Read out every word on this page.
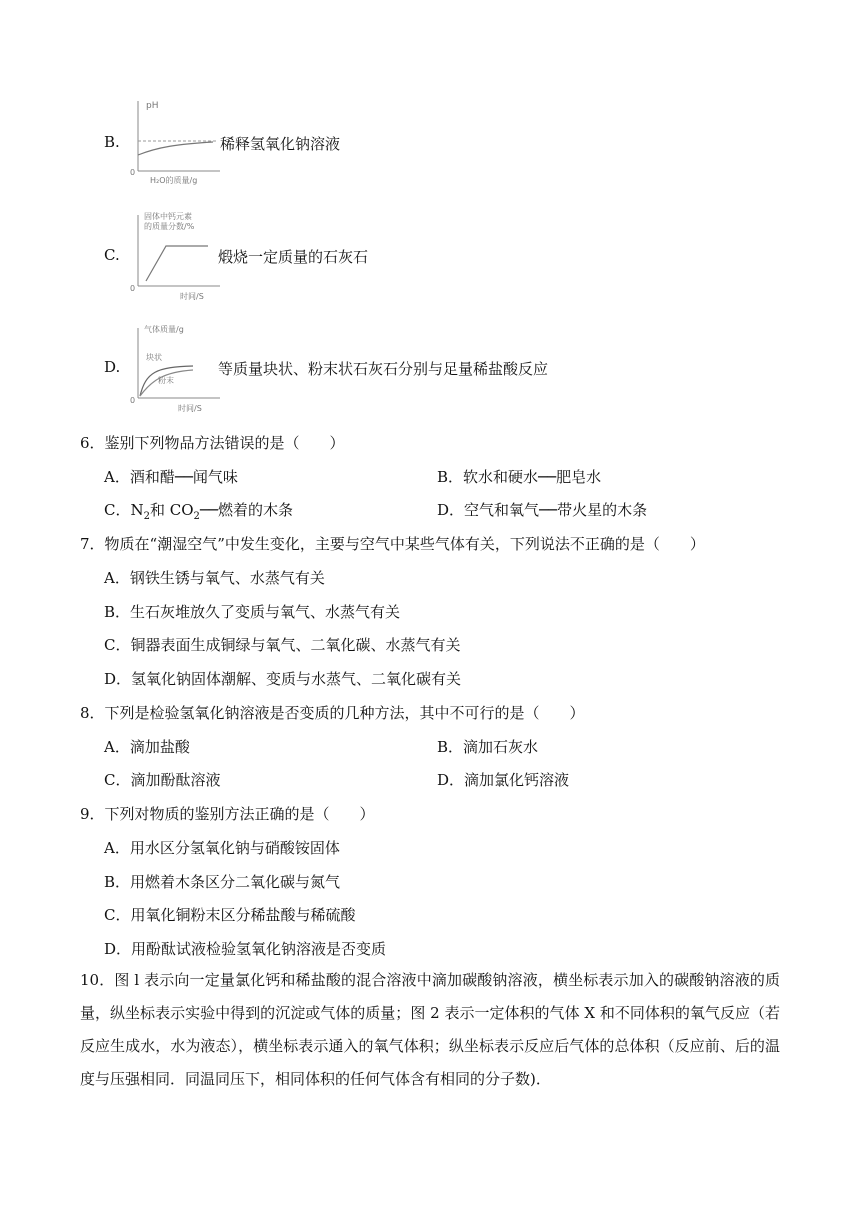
B.
pH
0
H₂O的质量/g
稀释氢氧化钠溶液
C.
固体中钙元素
的质量分数/%
0
时间/S
煅烧一定质量的石灰石
D.
气体质量/g
块状
粉末
0
时间/S
等质量块状、粉末状石灰石分别与足量稀盐酸反应
6．鉴别下列物品方法错误的是（　　）
A．酒和醋──闻气味	B．软水和硬水──肥皂水
C．$N_2$和 $CO_2──$燃着的木条	D．空气和氧气──带火星的木条
7．物质在“潮湿空气”中发生变化，主要与空气中某些气体有关，下列说法不正确的是（　　）
A．钢铁生锈与氧气、水蒸气有关
B．生石灰堆放久了变质与氧气、水蒸气有关
C．铜器表面生成铜绿与氧气、二氧化碳、水蒸气有关
D．氢氧化钠固体潮解、变质与水蒸气、二氧化碳有关
8．下列是检验氢氧化钠溶液是否变质的几种方法，其中不可行的是（　　）
A．滴加盐酸	B．滴加石灰水
C．滴加酚酞溶液	D．滴加氯化钙溶液
9．下列对物质的鉴别方法正确的是（　　）
A．用水区分氢氧化钠与硝酸铵固体
B．用燃着木条区分二氧化碳与氮气
C．用氧化铜粉末区分稀盐酸与稀硫酸
D．用酚酞试液检验氢氧化钠溶液是否变质
10．图 l 表示向一定量氯化钙和稀盐酸的混合溶液中滴加碳酸钠溶液，横坐标表示加入的碳酸钠溶液的质量，纵坐标表示实验中得到的沉淀或气体的质量；图 2 表示一定体积的气体 X 和不同体积的氧气反应（若反应生成水，水为液态），横坐标表示通入的氧气体积；纵坐标表示反应后气体的总体积（反应前、后的温度与压强相同．同温同压下，相同体积的任何气体含有相同的分子数)．
